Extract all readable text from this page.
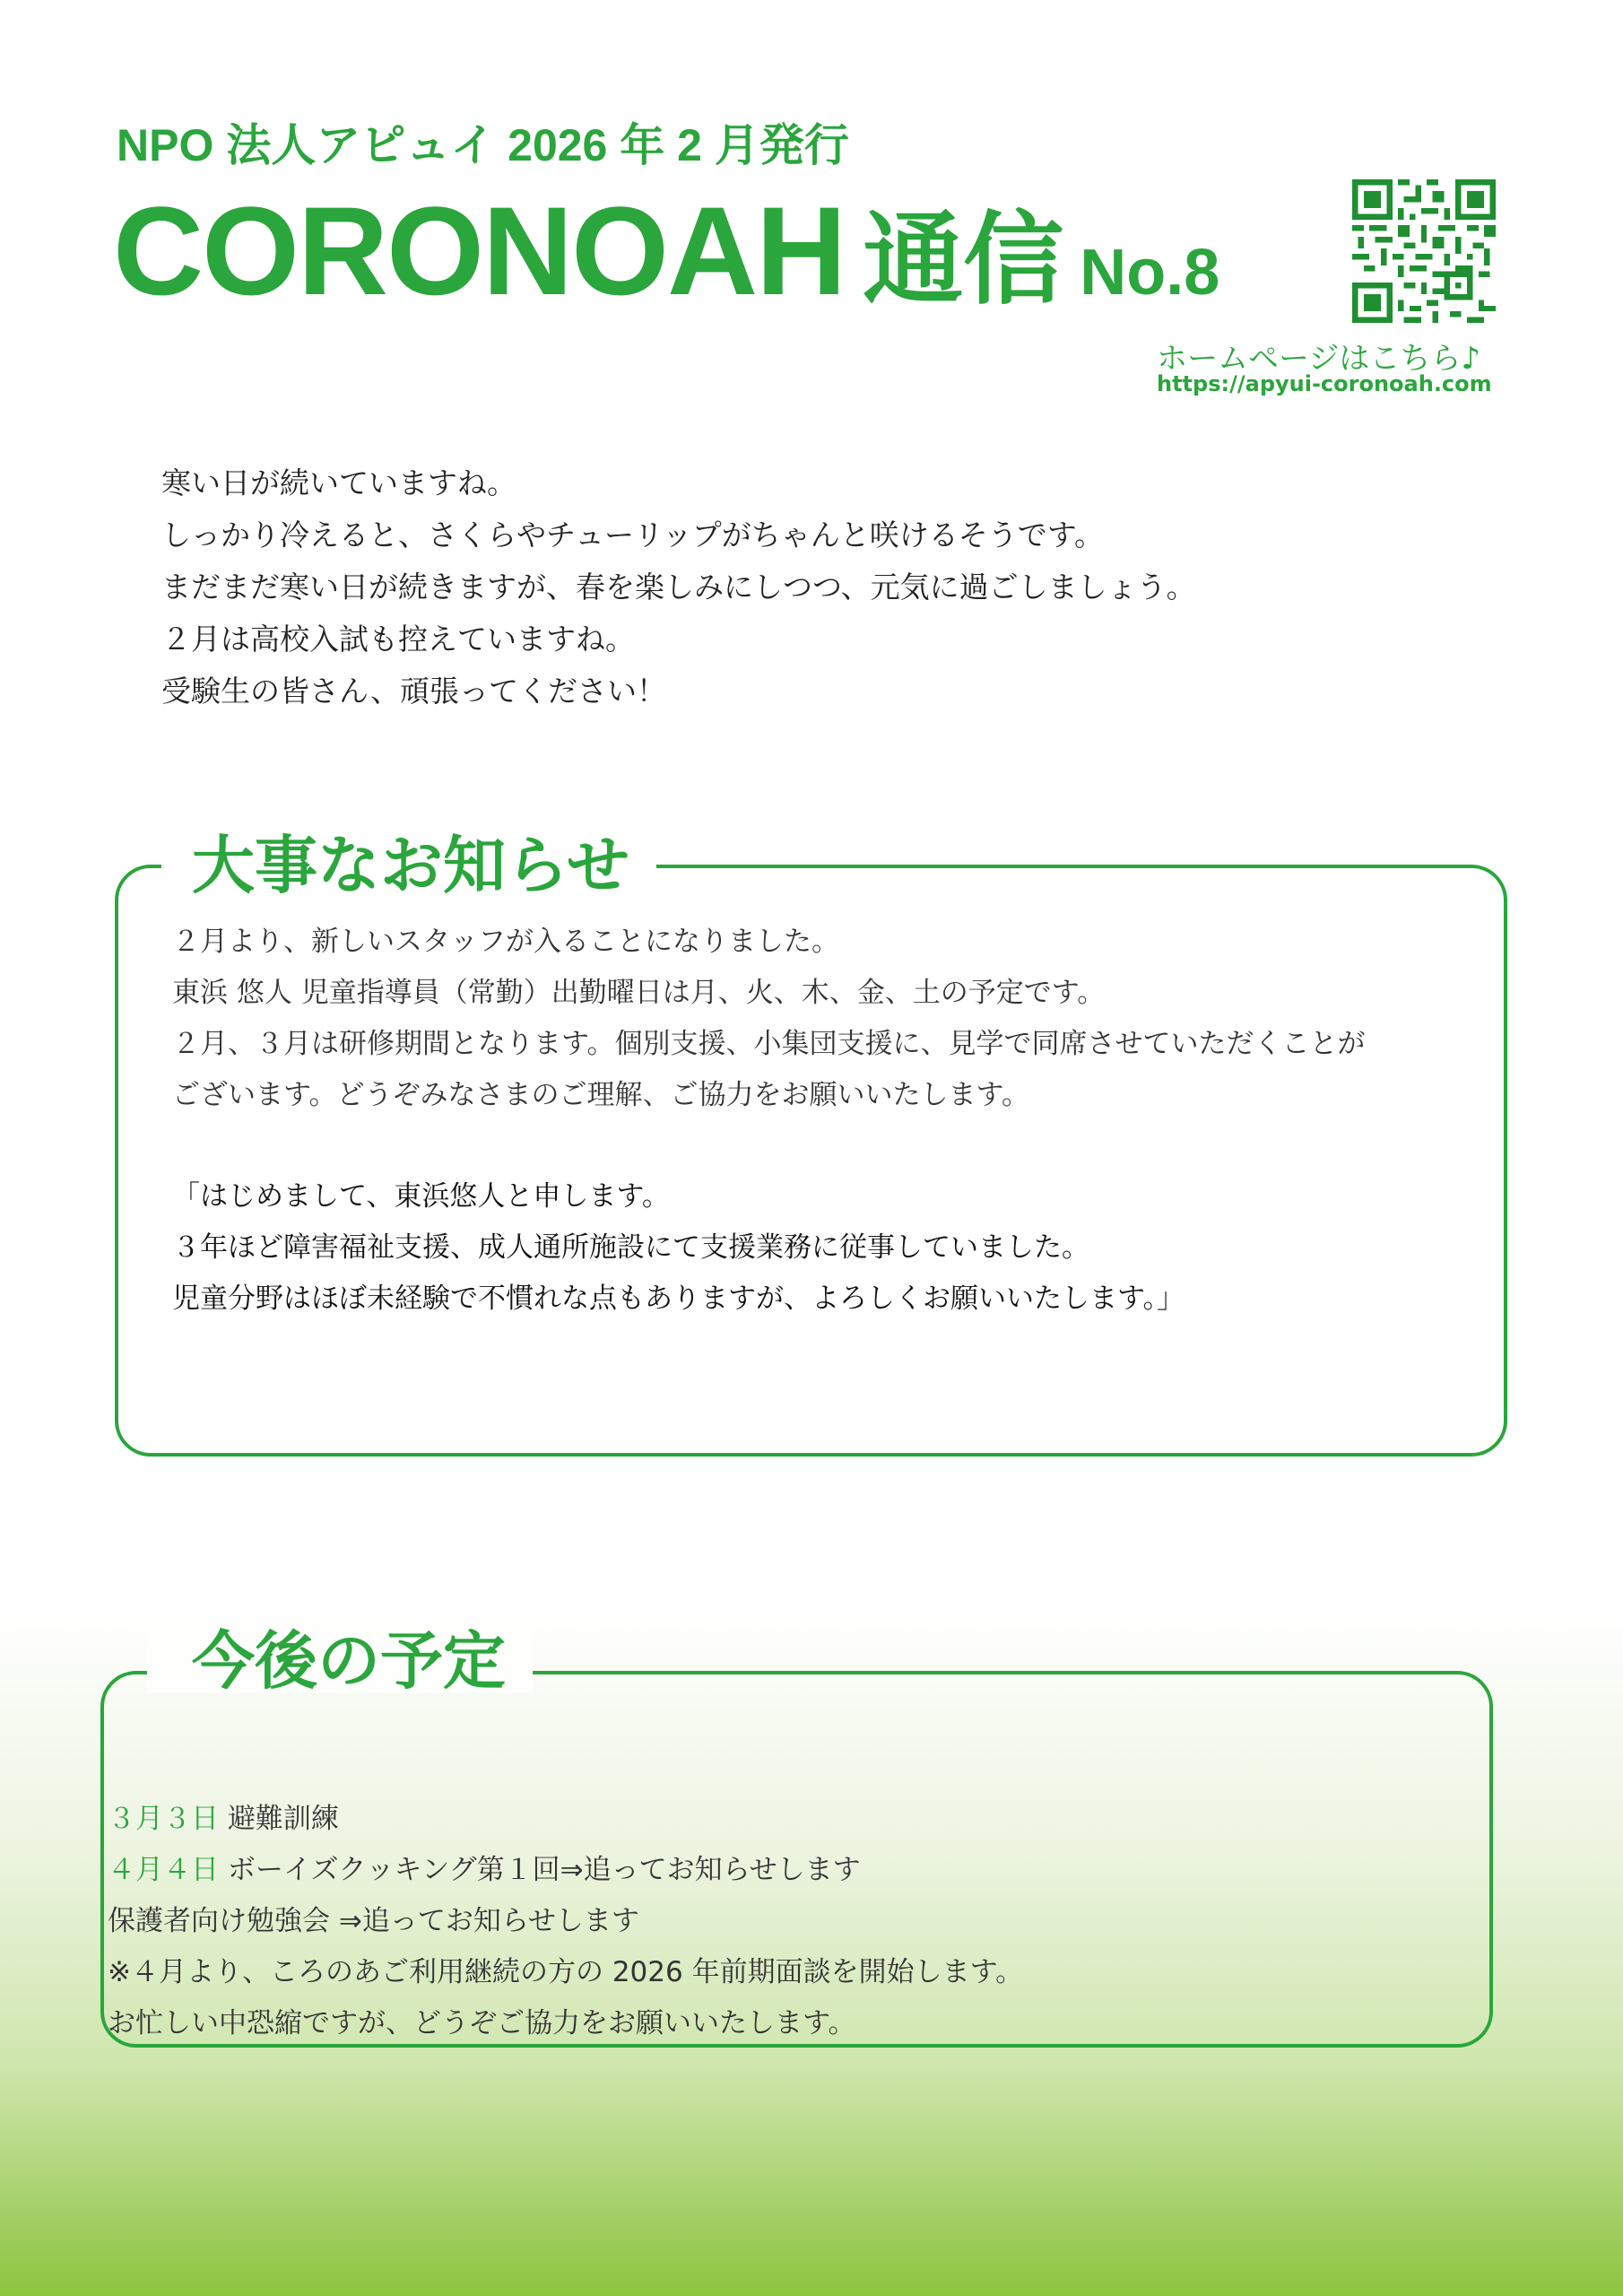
NPO 法人アピュイ 2026 年 2 月発行
CORONOAH 通信 No.8
ホームページはこちら♪
https://apyui-coronoah.com
寒い日が続いていますね。
しっかり冷えると、さくらやチューリップがちゃんと咲けるそうです。
まだまだ寒い日が続きますが、春を楽しみにしつつ、元気に過ごしましょう。
２月は高校入試も控えていますね。
受験生の皆さん、頑張ってください！
大事なお知らせ
２月より、新しいスタッフが入ることになりました。
東浜 悠人 児童指導員（常勤）出勤曜日は月、火、木、金、土の予定です。
２月、３月は研修期間となります。個別支援、小集団支援に、見学で同席させていただくことが
ございます。どうぞみなさまのご理解、ご協力をお願いいたします。
「はじめまして、東浜悠人と申します。
３年ほど障害福祉支援、成人通所施設にて支援業務に従事していました。
児童分野はほぼ未経験で不慣れな点もありますが、よろしくお願いいたします。」
今後の予定
３月３日 避難訓練
４月４日 ボーイズクッキング第１回⇒追ってお知らせします
保護者向け勉強会 ⇒追ってお知らせします
※４月より、ころのあご利用継続の方の 2026 年前期面談を開始します。
お忙しい中恐縮ですが、どうぞご協力をお願いいたします。
